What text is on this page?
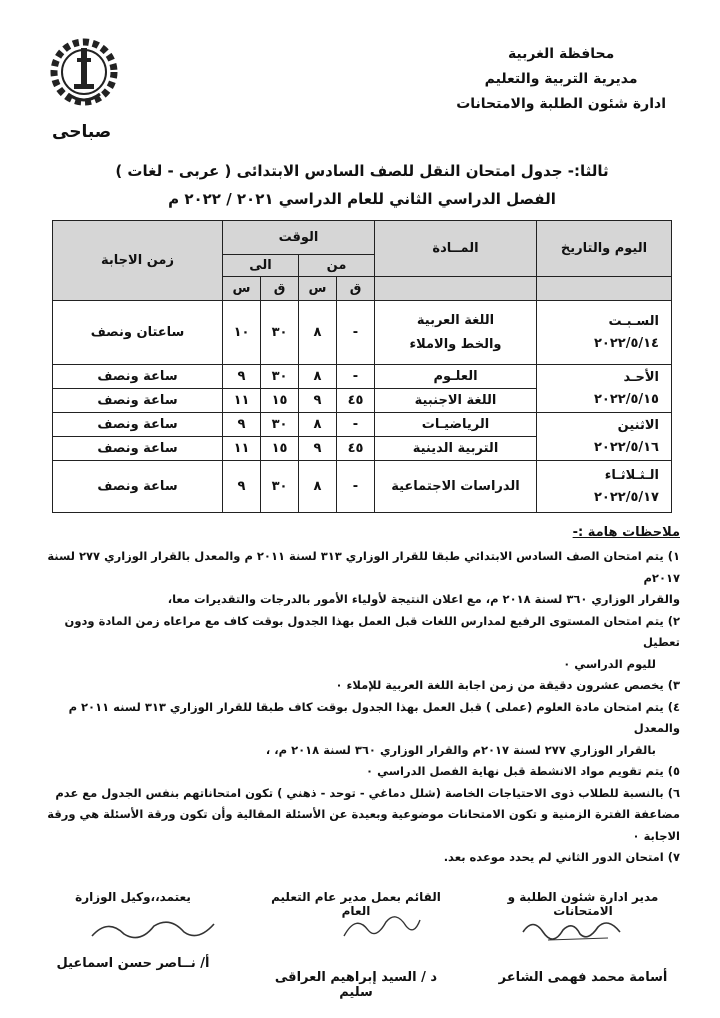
محافظة الغربية
مديرية التربية والتعليم
ادارة شئون الطلبة والامتحانات
صباحى
ثالثا:- جدول امتحان النقل للصف السادس الابتدائى ( عربى - لغات )
الفصل الدراسي الثاني للعام الدراسي ٢٠٢١ / ٢٠٢٢ م
اليوم والتاريخ	المــادة	الوقت				زمن الاجابة
		من		الى		
		ق	س	ق	س	

السـبـت
٢٠٢٢/٥/١٤	اللغة العربية
والخط والاملاء	-	٨	٣٠	١٠	ساعتان ونصف

الأحـد
٢٠٢٢/٥/١٥	العلـوم	-	٨	٣٠	٩	ساعة ونصف
	اللغة الاجنبية	٤٥	٩	١٥	١١	ساعة ونصف

الاثنين
٢٠٢٢/٥/١٦	الرياضيـات	-	٨	٣٠	٩	ساعة ونصف
	التربية الدينية	٤٥	٩	١٥	١١	ساعة ونصف

الـثـلاثـاء
٢٠٢٢/٥/١٧	الدراسات الاجتماعية	-	٨	٣٠	٩	ساعة ونصف
ملاحظات هامة :-
١) يتم امتحان الصف السادس الابتدائي طبقا للقرار الوزاري ٣١٣ لسنة ٢٠١١ م والمعدل بالقرار الوزاري ٢٧٧ لسنة ٢٠١٧م
والقرار الوزاري ٣٦٠ لسنة ٢٠١٨ م، مع اعلان النتيجة لأولياء الأمور بالدرجات والتقديرات معا،
٢) يتم امتحان المستوى الرفيع لمدارس اللغات قبل العمل بهذا الجدول بوقت كاف مع مراعاه زمن المادة ودون تعطيل
لليوم الدراسي ٠
٣) يخصص عشرون دقيقة من زمن اجابة اللغة العربية للإملاء ٠
٤) يتم امتحان مادة العلوم (عملى ) قبل العمل بهذا الجدول بوقت كاف طبقا للقرار الوزاري ٣١٣ لسنه ٢٠١١ م والمعدل
بالقرار الوزاري ٢٧٧ لسنة ٢٠١٧م والقرار الوزاري ٣٦٠ لسنة ٢٠١٨ م، ،
٥) يتم تقويم مواد الانشطة قبل نهاية الفصل الدراسي ٠
٦) بالنسبة للطلاب ذوى الاحتياجات الخاصة (شلل دماغي - توحد - ذهني ) تكون امتحاناتهم بنفس الجدول مع عدم
مضاعفة الفترة الزمنية و تكون الامتحانات موضوعية وبعيدة عن الأسئلة المقالية وأن تكون ورقة الأسئلة هي ورقة
الاجابة ٠
٧) امتحان الدور الثاني لم يحدد موعده بعد.
مدير ادارة شئون الطلبة و الامتحانات
أسامة محمد فهمى الشاعر
القائم بعمل مدير عام التعليم العام
د / السيد إبراهيم العراقى سليم
يعتمد،،وكيل الوزارة
أ/ نــاصر حسن اسماعيل
